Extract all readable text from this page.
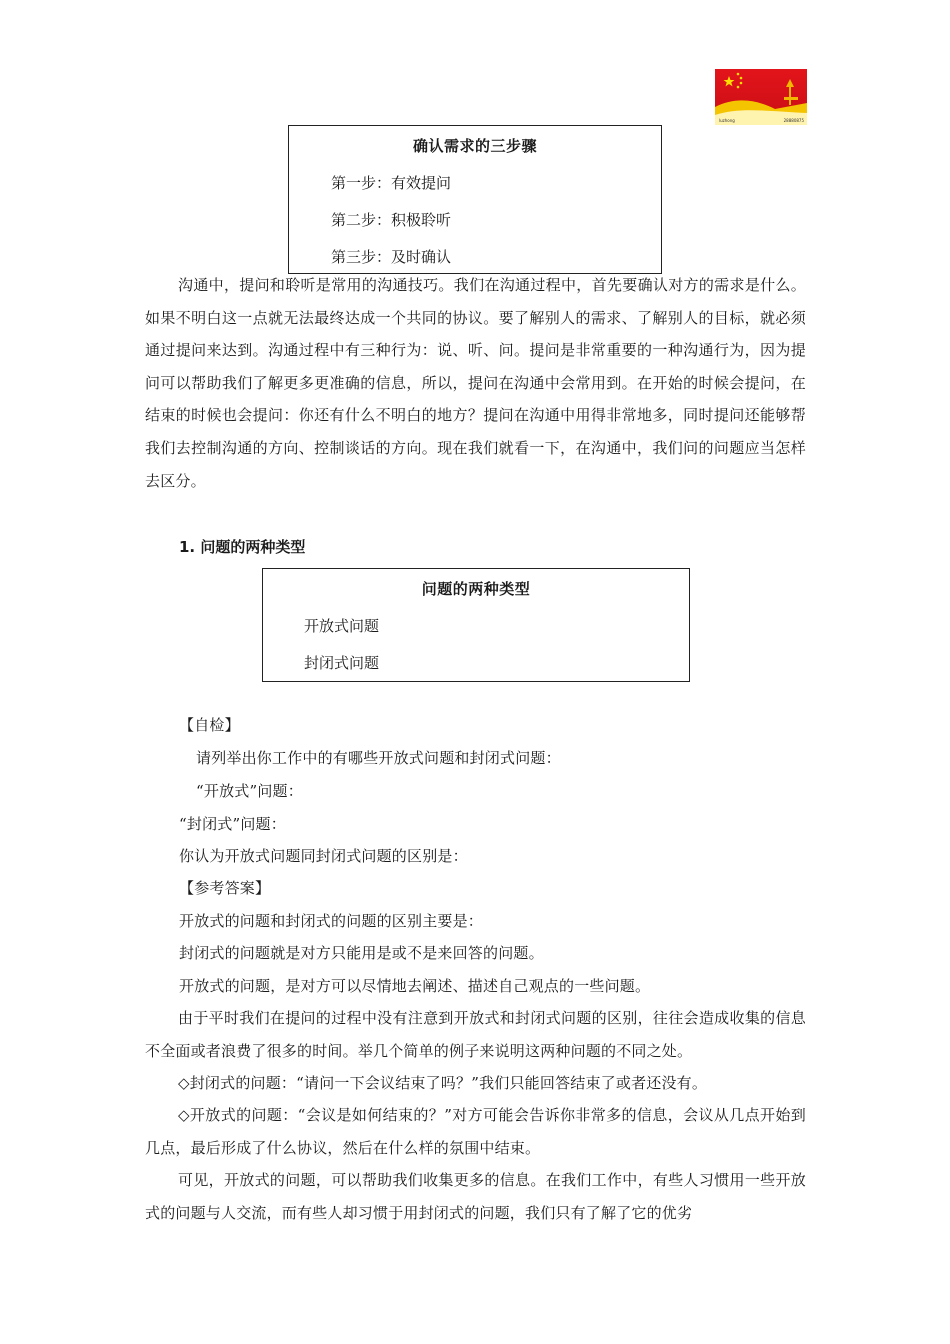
luzhong	28880875
确认需求的三步骤
第一步：有效提问
第二步：积极聆听
第三步：及时确认

沟通中，提问和聆听是常用的沟通技巧。我们在沟通过程中，首先要确认对方的需求是什么。如果不明白这一点就无法最终达成一个共同的协议。要了解别人的需求、了解别人的目标，就必须通过提问来达到。沟通过程中有三种行为：说、听、问。提问是非常重要的一种沟通行为，因为提问可以帮助我们了解更多更准确的信息，所以，提问在沟通中会常用到。在开始的时候会提问，在结束的时候也会提问：你还有什么不明白的地方？提问在沟通中用得非常地多，同时提问还能够帮我们去控制沟通的方向、控制谈话的方向。现在我们就看一下，在沟通中，我们问的问题应当怎样去区分。

1. 问题的两种类型
问题的两种类型
开放式问题
封闭式问题
【自检】
请列举出你工作中的有哪些开放式问题和封闭式问题：
“开放式”问题：
“封闭式”问题：
你认为开放式问题同封闭式问题的区别是：
【参考答案】
开放式的问题和封闭式的问题的区别主要是：
封闭式的问题就是对方只能用是或不是来回答的问题。
开放式的问题，是对方可以尽情地去阐述、描述自己观点的一些问题。

由于平时我们在提问的过程中没有注意到开放式和封闭式问题的区别，往往会造成收集的信息不全面或者浪费了很多的时间。举几个简单的例子来说明这两种问题的不同之处。

◇封闭式的问题：“请问一下会议结束了吗？”我们只能回答结束了或者还没有。

◇开放式的问题：“会议是如何结束的？”对方可能会告诉你非常多的信息，会议从几点开始到几点，最后形成了什么协议，然后在什么样的氛围中结束。

可见，开放式的问题，可以帮助我们收集更多的信息。在我们工作中，有些人习惯用一些开放式的问题与人交流，而有些人却习惯于用封闭式的问题，我们只有了解了它的优劣
